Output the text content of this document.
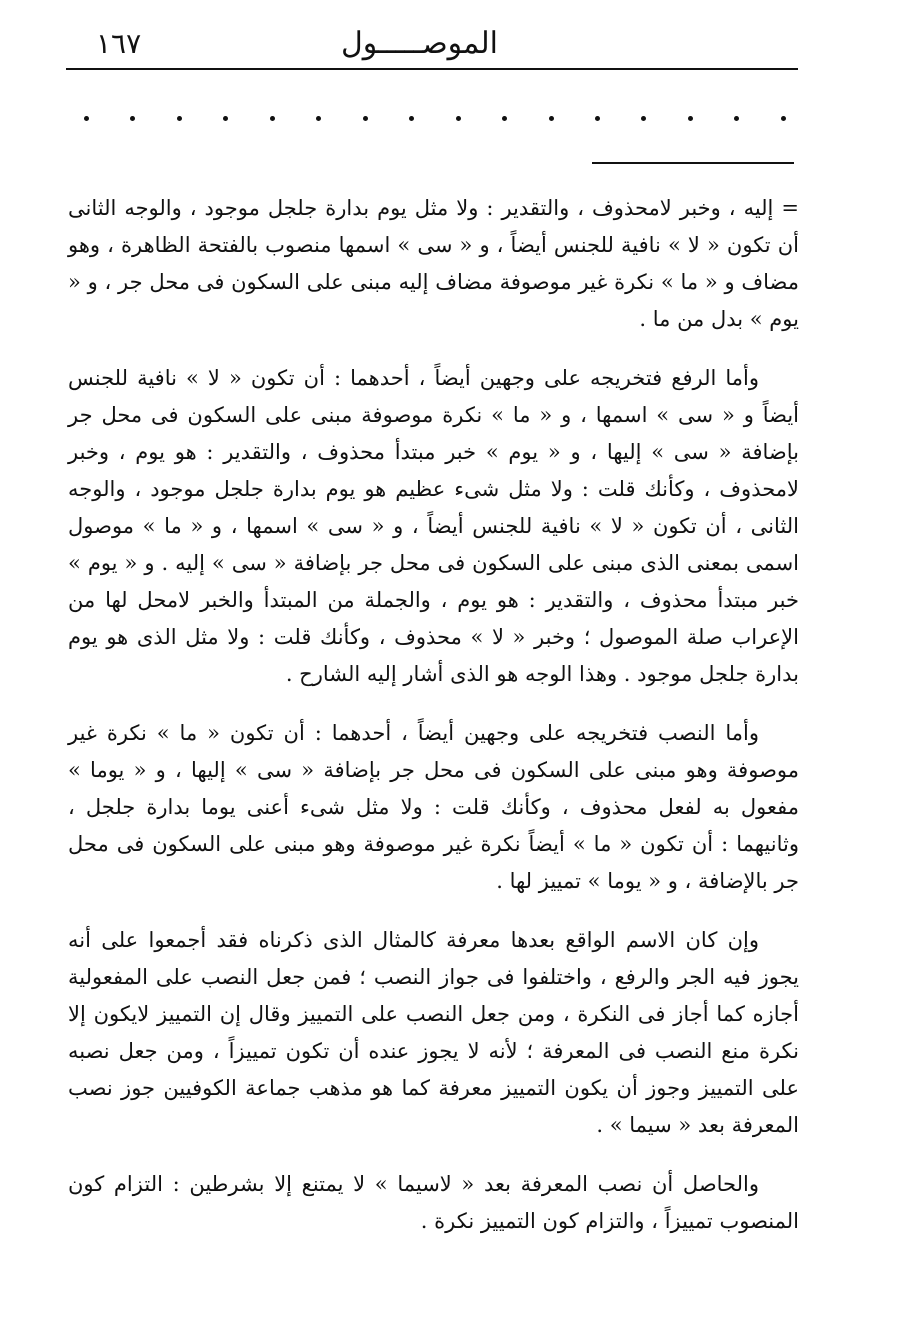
الموصـــــول
١٦٧

= إليه ، وخبر لامحذوف ، والتقدير : ولا مثل يوم بدارة جلجل موجود ، والوجه الثانى أن تكون « لا » نافية للجنس أيضاً ، و « سى » اسمها منصوب بالفتحة الظاهرة ، وهو مضاف و « ما » نكرة غير موصوفة مضاف إليه مبنى على السكون فى محل جر ، و « يوم » بدل من ما .

وأما الرفع فتخريجه على وجهين أيضاً ، أحدهما : أن تكون « لا » نافية للجنس أيضاً و « سى » اسمها ، و « ما » نكرة موصوفة مبنى على السكون فى محل جر بإضافة « سى » إليها ، و « يوم » خبر مبتدأ محذوف ، والتقدير : هو يوم ، وخبر لامحذوف ، وكأنك قلت : ولا مثل شىء عظيم هو يوم بدارة جلجل موجود ، والوجه الثانى ، أن تكون « لا » نافية للجنس أيضاً ، و « سى » اسمها ، و « ما » موصول اسمى بمعنى الذى مبنى على السكون فى محل جر بإضافة « سى » إليه . و « يوم » خبر مبتدأ محذوف ، والتقدير : هو يوم ، والجملة من المبتدأ والخبر لامحل لها من الإعراب صلة الموصول ؛ وخبر « لا » محذوف ، وكأنك قلت : ولا مثل الذى هو يوم بدارة جلجل موجود . وهذا الوجه هو الذى أشار إليه الشارح .

وأما النصب فتخريجه على وجهين أيضاً ، أحدهما : أن تكون « ما » نكرة غير موصوفة وهو مبنى على السكون فى محل جر بإضافة « سى » إليها ، و « يوما » مفعول به لفعل محذوف ، وكأنك قلت : ولا مثل شىء أعنى يوما بدارة جلجل ، وثانيهما : أن تكون « ما » أيضاً نكرة غير موصوفة وهو مبنى على السكون فى محل جر بالإضافة ، و « يوما » تمييز لها .

وإن كان الاسم الواقع بعدها معرفة كالمثال الذى ذكرناه فقد أجمعوا على أنه يجوز فيه الجر والرفع ، واختلفوا فى جواز النصب ؛ فمن جعل النصب على المفعولية أجازه كما أجاز فى النكرة ، ومن جعل النصب على التمييز وقال إن التمييز لايكون إلا نكرة منع النصب فى المعرفة ؛ لأنه لا يجوز عنده أن تكون تمييزاً ، ومن جعل نصبه على التمييز وجوز أن يكون التمييز معرفة كما هو مذهب جماعة الكوفيين جوز نصب المعرفة بعد « سيما » .

والحاصل أن نصب المعرفة بعد « لاسيما » لا يمتنع إلا بشرطين : التزام كون المنصوب تمييزاً ، والتزام كون التمييز نكرة .
